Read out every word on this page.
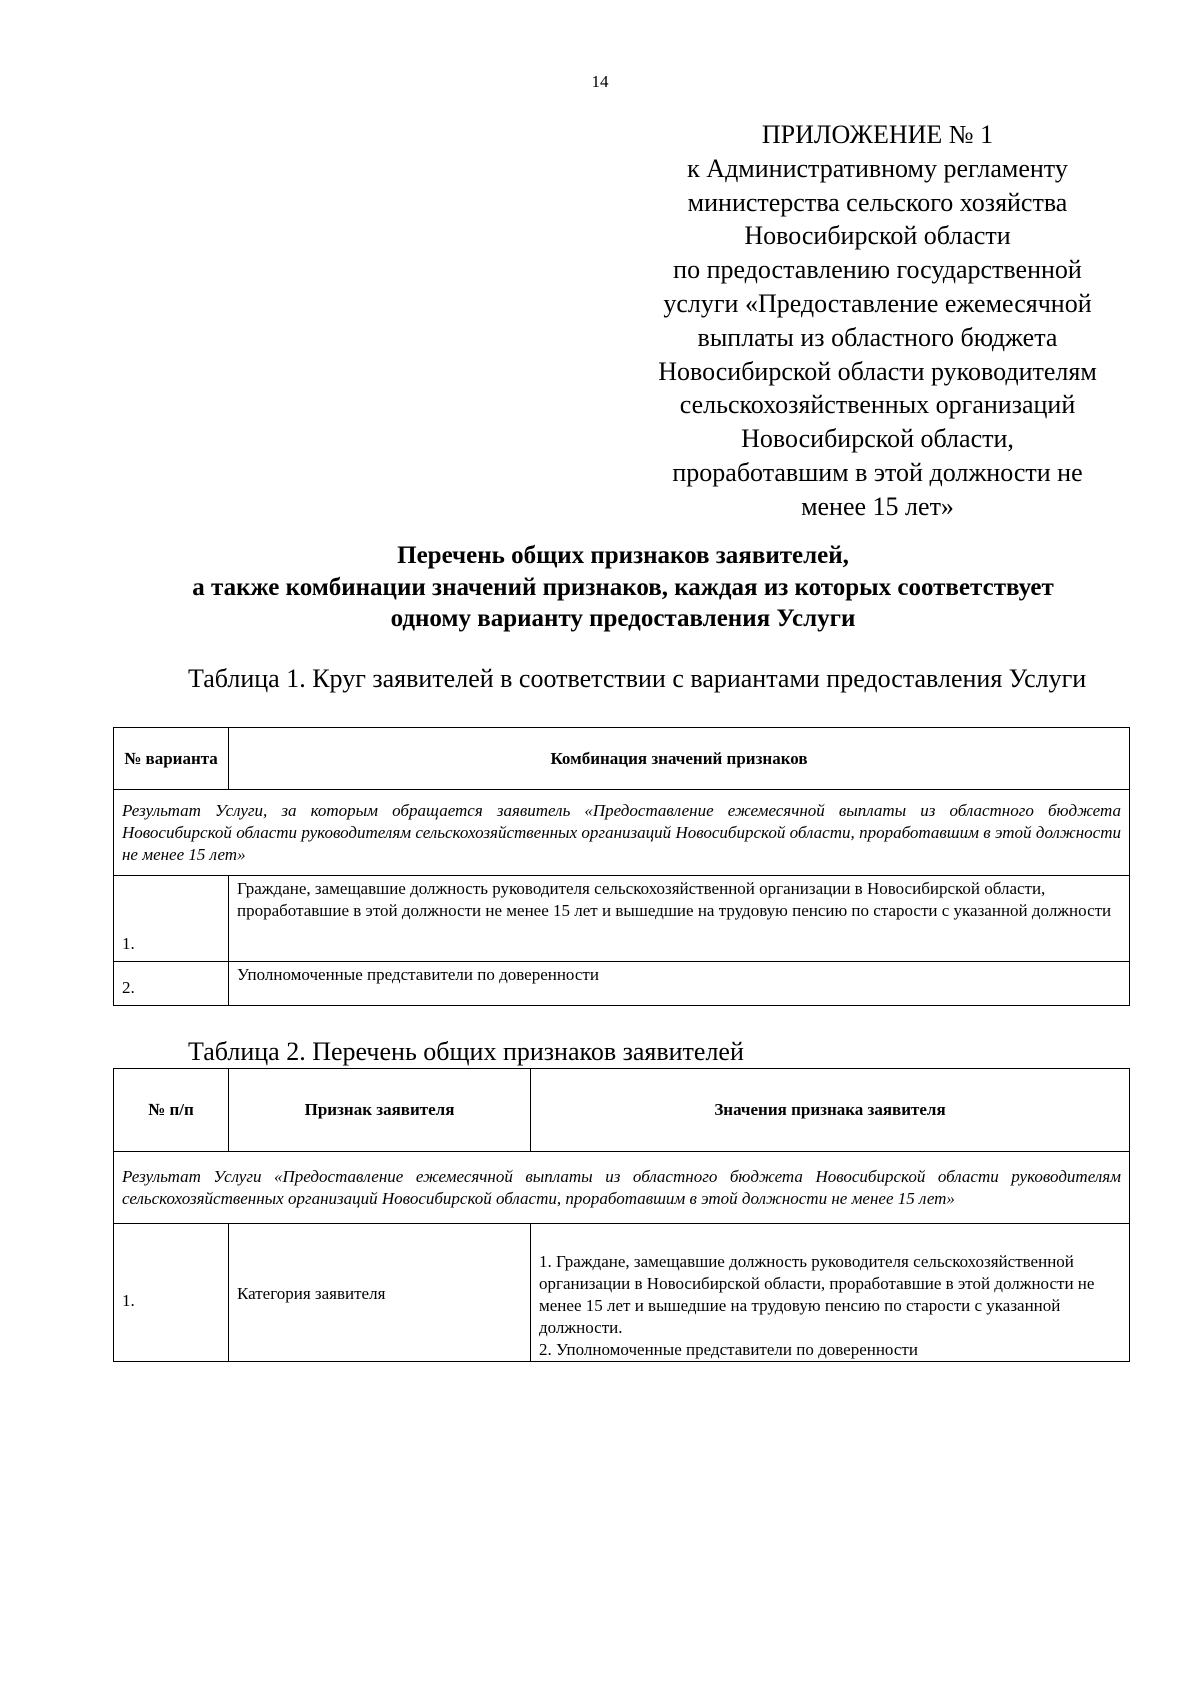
14
ПРИЛОЖЕНИЕ № 1
к Административному регламенту
министерства сельского хозяйства
Новосибирской области
по предоставлению государственной
услуги «Предоставление ежемесячной
выплаты из областного бюджета
Новосибирской области руководителям
сельскохозяйственных организаций
Новосибирской области,
проработавшим в этой должности не
менее 15 лет»
Перечень общих признаков заявителей,
а также комбинации значений признаков, каждая из которых соответствует
одному варианту предоставления Услуги
Таблица 1. Круг заявителей в соответствии с вариантами предоставления Услуги
№ варианта	Комбинация значений признаков
Результат Услуги, за которым обращается заявитель «Предоставление ежемесячной выплаты из областного бюджета Новосибирской области руководителям сельскохозяйственных организаций Новосибирской области, проработавшим в этой должности не менее 15 лет»	
1.	Граждане, замещавшие должность руководителя сельскохозяйственной организации в Новосибирской области, проработавшие в этой должности не менее 15 лет и вышедшие на трудовую пенсию по старости с указанной должности
2.	Уполномоченные представители по доверенности
Таблица 2. Перечень общих признаков заявителей
№ п/п	Признак заявителя	Значения признака заявителя
Результат Услуги «Предоставление ежемесячной выплаты из областного бюджета Новосибирской области руководителям сельскохозяйственных организаций Новосибирской области, проработавшим в этой должности не менее 15 лет»		
1.	Категория заявителя	1. Граждане, замещавшие должность руководителя сельскохозяйственной организации в Новосибирской области, проработавшие в этой должности не менее 15 лет и вышедшие на трудовую пенсию по старости с указанной должности.
2. Уполномоченные представители по доверенности
